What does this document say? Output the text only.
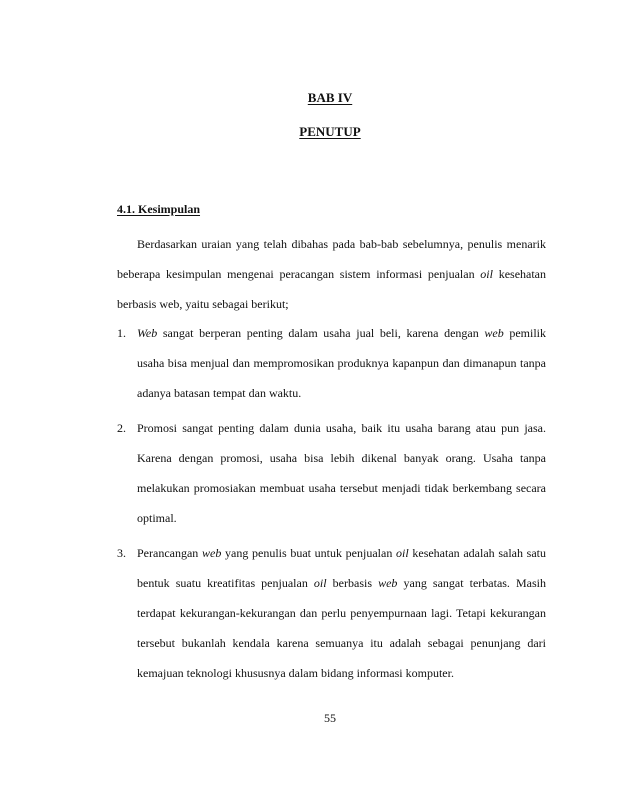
BAB IV
PENUTUP
4.1. Kesimpulan

Berdasarkan uraian yang telah dibahas pada bab-bab sebelumnya, penulis menarik beberapa kesimpulan mengenai peracangan sistem informasi penjualan oil kesehatan berbasis web, yaitu sebagai berikut;

1. Web sangat berperan penting dalam usaha jual beli, karena dengan web pemilik usaha bisa menjual dan mempromosikan produknya kapanpun dan dimanapun tanpa adanya batasan tempat dan waktu.
2. Promosi sangat penting dalam dunia usaha, baik itu usaha barang atau pun jasa. Karena dengan promosi, usaha bisa lebih dikenal banyak orang. Usaha tanpa melakukan promosiakan membuat usaha tersebut menjadi tidak berkembang secara optimal.
3. Perancangan web yang penulis buat untuk penjualan oil kesehatan adalah salah satu bentuk suatu kreatifitas penjualan oil berbasis web yang sangat terbatas. Masih terdapat kekurangan-kekurangan dan perlu penyempurnaan lagi. Tetapi kekurangan tersebut bukanlah kendala karena semuanya itu adalah sebagai penunjang dari kemajuan teknologi khususnya dalam bidang informasi komputer.
55
